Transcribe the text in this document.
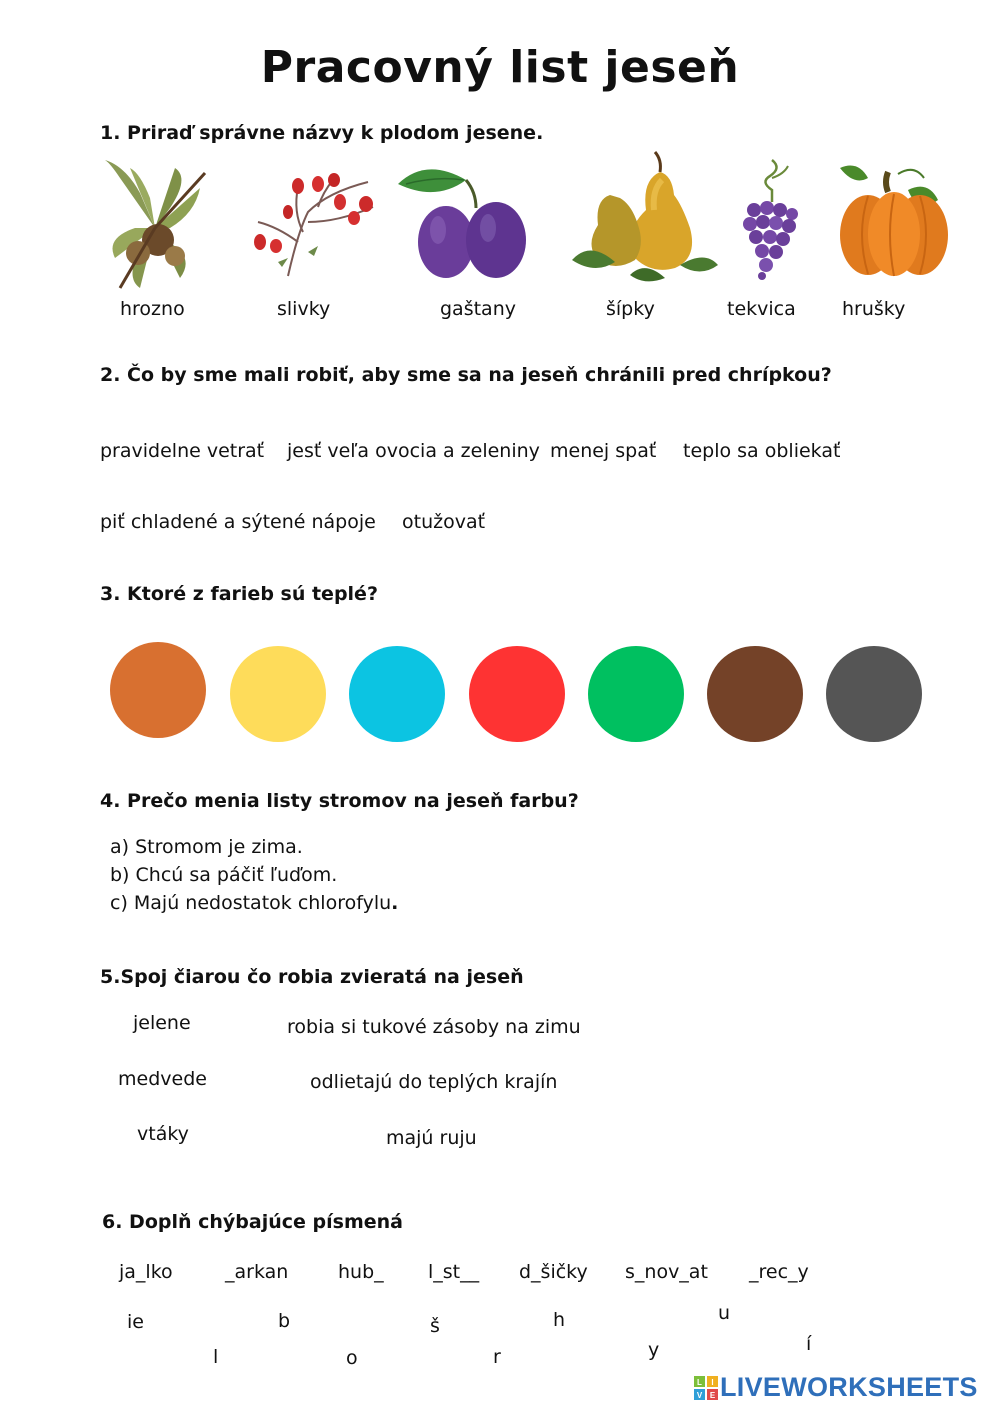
Pracovný list jeseň
1. Priraď správne názvy k plodom jesene.
hrozno	slivky	gaštany	šípky	tekvica hrušky
2. Čo by sme mali robiť, aby sme sa na jeseň chránili pred chrípkou?
pravidelne vetrať jesť veľa ovocia a zeleniny menej spať teplo sa obliekať
piť chladené a sýtené nápoje otužovať
3. Ktoré z farieb sú teplé?
4. Prečo menia listy stromov na jeseň farbu?
a) Stromom je zima.
b) Chcú sa páčiť ľuďom.
c) Majú nedostatok chlorofylu.
5.Spoj čiarou čo robia zvieratá na jeseň
jelene
medvede
vtáky
robia si tukové zásoby na zimu
odlietajú do teplých krajín
majú ruju
6. Doplň chýbajúce písmená
ja_lko	_arkan	hub_ l_st__ d_šičky s_nov_at _rec_y
ie	b	š	h	u
l	o	r	y	í
L I
V E LIVEWORKSHEETS
